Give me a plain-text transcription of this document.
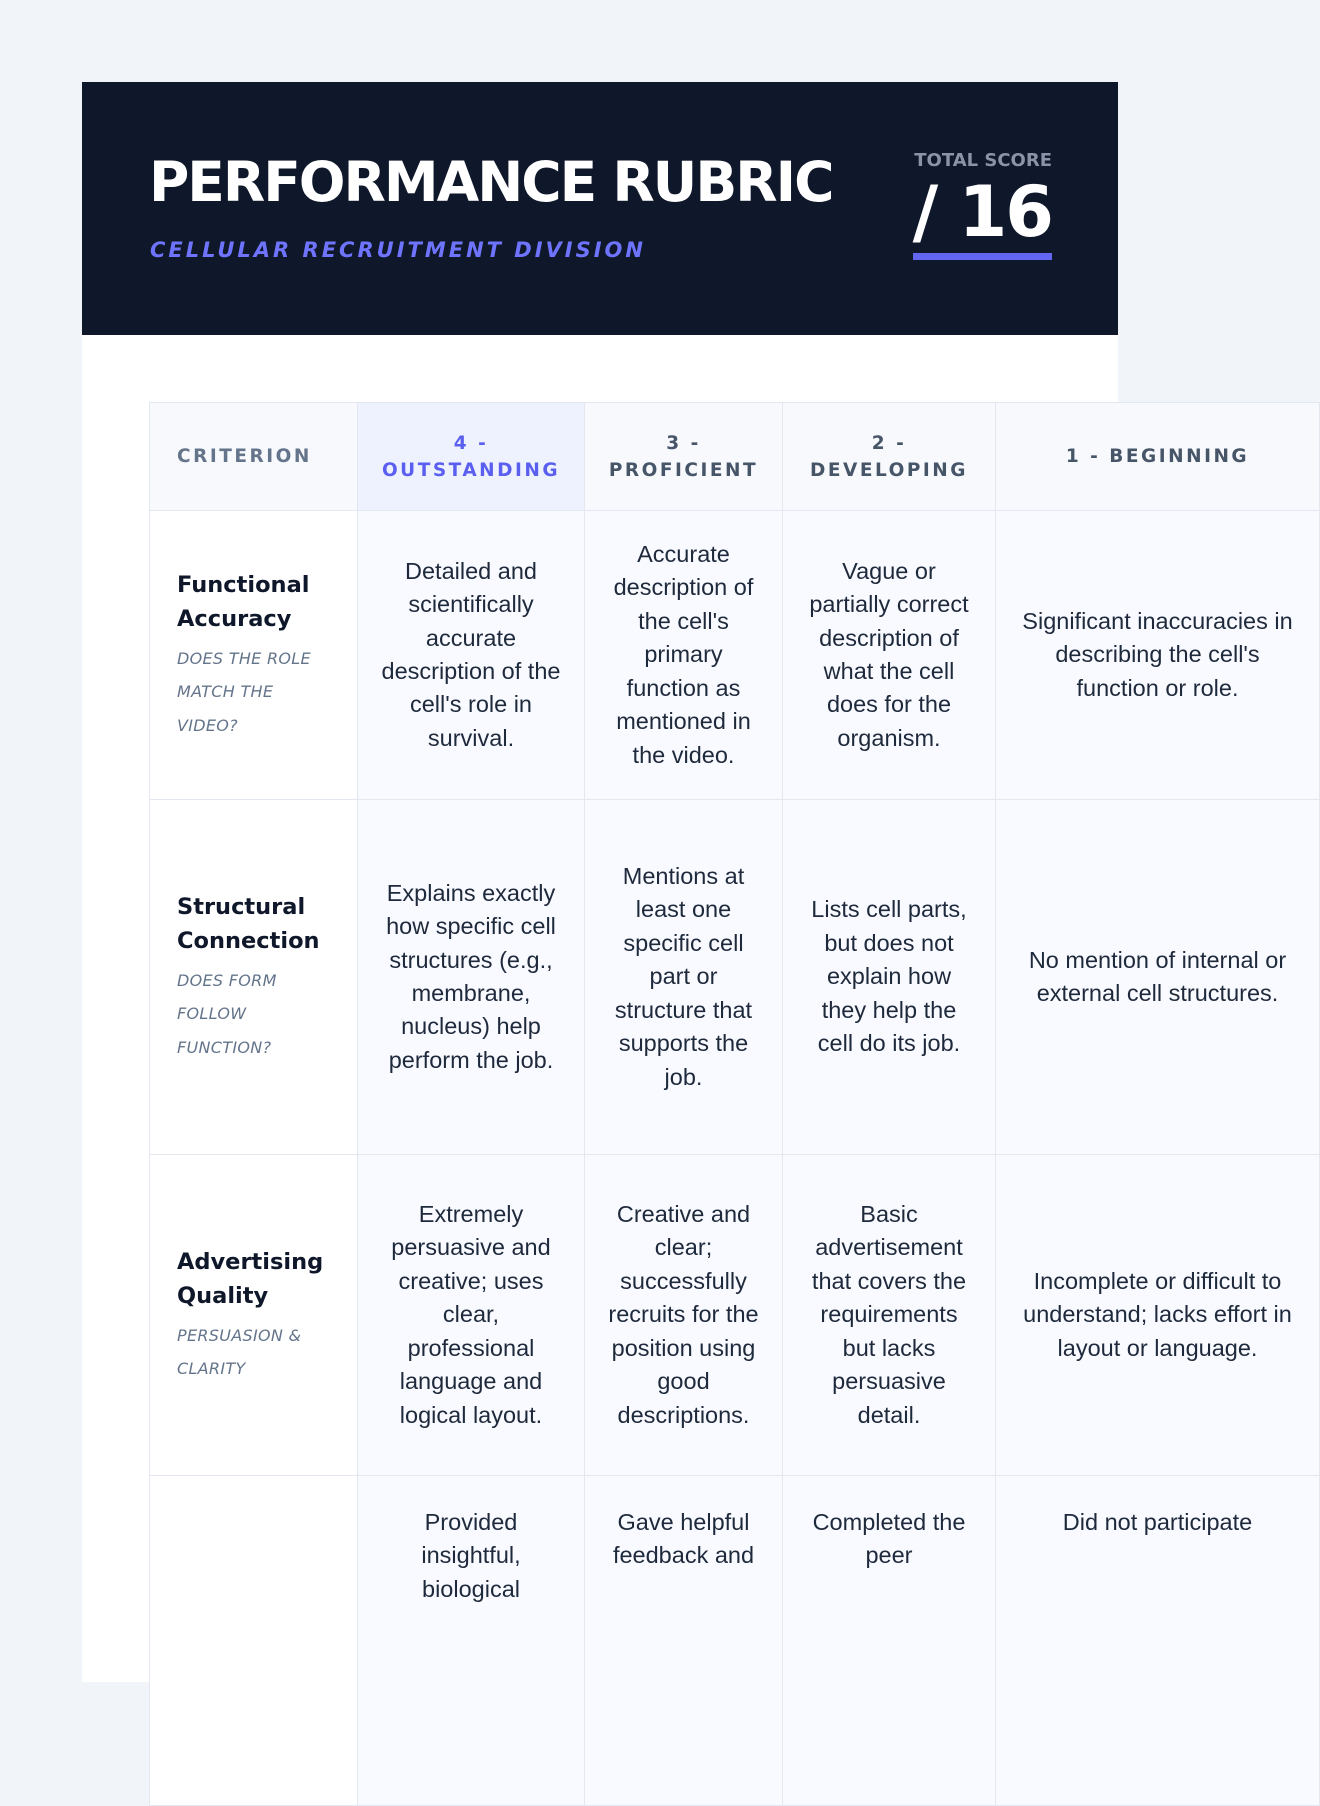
PERFORMANCE RUBRIC
CELLULAR RECRUITMENT DIVISION
TOTAL SCORE
/ 16
CRITERION	4 - OUTSTANDING	3 - PROFICIENT	2 - DEVELOPING	1 - BEGINNING

Functional Accuracy
DOES THE ROLE MATCH THE VIDEO?	Detailed and scientifically accurate description of the cell's role in survival.	Accurate description of the cell's primary function as mentioned in the video.	Vague or partially correct description of what the cell does for the organism.	Significant inaccuracies in describing the cell's function or role.

Structural Connection
DOES FORM FOLLOW FUNCTION?	Explains exactly how specific cell structures (e.g., membrane, nucleus) help perform the job.	Mentions at least one specific cell part or structure that supports the job.	Lists cell parts, but does not explain how they help the cell do its job.	No mention of internal or external cell structures.

Advertising Quality
PERSUASION & CLARITY	Extremely persuasive and creative; uses clear, professional language and logical layout.	Creative and clear; successfully recruits for the position using good descriptions.	Basic advertisement that covers the requirements but lacks persuasive detail.	Incomplete or difficult to understand; lacks effort in layout or language.

	Provided insightful, biological	Gave helpful feedback and	Completed the peer	Did not participate
